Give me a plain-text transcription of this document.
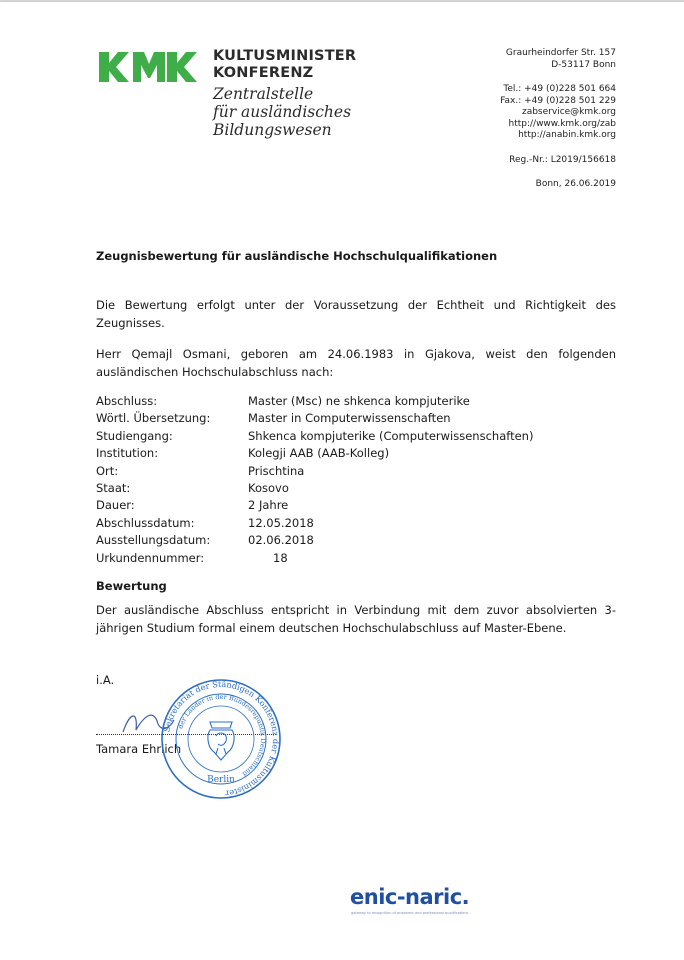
KULTUSMINISTER
KONFERENZ
Zentralstelle
für ausländisches
Bildungswesen
Graurheindorfer Str. 157
D-53117 Bonn
Tel.: +49 (0)228 501 664
Fax.: +49 (0)228 501 229
zabservice@kmk.org
http://www.kmk.org/zab
http://anabin.kmk.org
Reg.-Nr.: L2019/156618
Bonn, 26.06.2019
Zeugnisbewertung für ausländische Hochschulqualifikationen
Die Bewertung erfolgt unter der Voraussetzung der Echtheit und Richtigkeit des Zeugnisses.
Herr Qemajl Osmani, geboren am 24.06.1983 in Gjakova, weist den folgenden ausländischen Hochschulabschluss nach:
Abschluss:	Master (Msc) ne shkenca kompjuterike
Wörtl. Übersetzung:	Master in Computerwissenschaften
Studiengang:	Shkenca kompjuterike (Computerwissenschaften)
Institution:	Kolegji AAB (AAB-Kolleg)
Ort:	Prischtina
Staat:	Kosovo
Dauer:	2 Jahre
Abschlussdatum:	12.05.2018
Ausstellungsdatum:	02.06.2018
Urkundennummer:	18
Bewertung
Der ausländische Abschluss entspricht in Verbindung mit dem zuvor absolvierten 3-jährigen Studium formal einem deutschen Hochschulabschluss auf Master-Ebene.
i.A.
Tamara Ehrlich
Sekretariat der Ständigen Konferenz der Kultusminister
der Länder in der Bundesrepublik Deutschland
Berlin
enic-naric.
gateway to recognition of academic and professional qualifications
